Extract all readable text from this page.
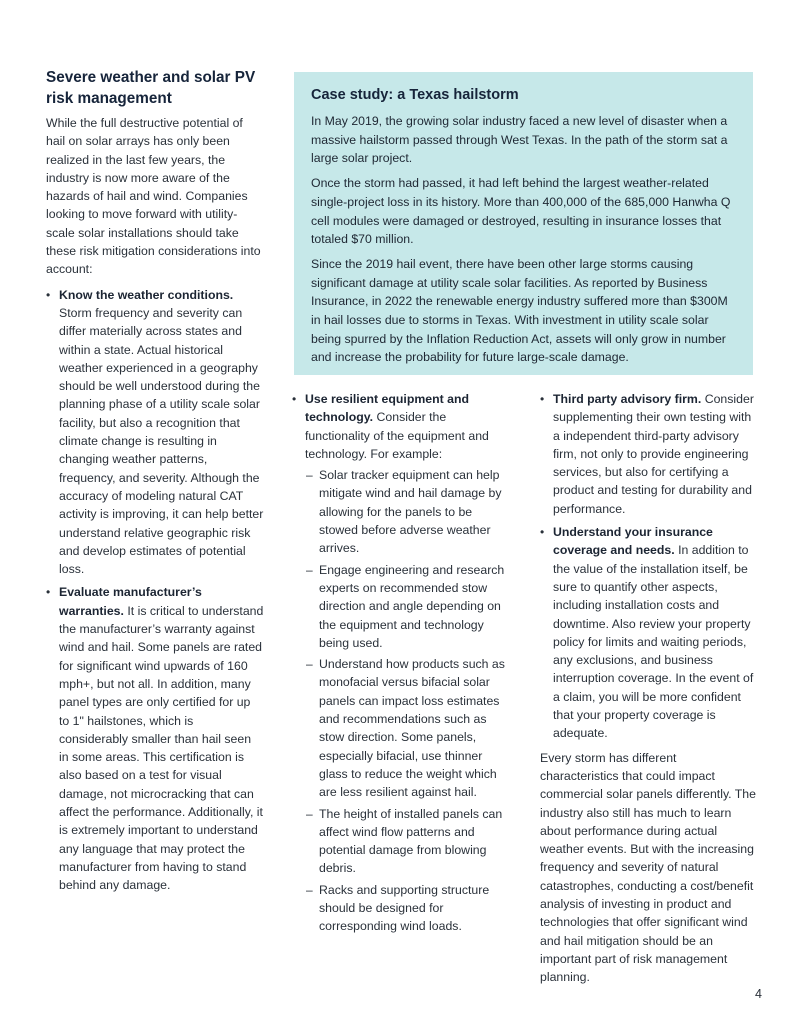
Severe weather and solar PV risk management

While the full destructive potential of hail on solar arrays has only been realized in the last few years, the industry is now more aware of the hazards of hail and wind. Companies looking to move forward with utility-scale solar installations should take these risk mitigation considerations into account:

• Know the weather conditions. Storm frequency and severity can differ materially across states and within a state. Actual historical weather experienced in a geography should be well understood during the planning phase of a utility scale solar facility, but also a recognition that climate change is resulting in changing weather patterns, frequency, and severity. Although the accuracy of modeling natural CAT activity is improving, it can help better understand relative geographic risk and develop estimates of potential loss.
• Evaluate manufacturer’s warranties. It is critical to understand the manufacturer’s warranty against wind and hail. Some panels are rated for significant wind upwards of 160 mph+, but not all. In addition, many panel types are only certified for up to 1" hailstones, which is considerably smaller than hail seen in some areas. This certification is also based on a test for visual damage, not microcracking that can affect the performance. Additionally, it is extremely important to understand any language that may protect the manufacturer from having to stand behind any damage.
Case study: a Texas hailstorm

In May 2019, the growing solar industry faced a new level of disaster when a massive hailstorm passed through West Texas. In the path of the storm sat a large solar project.

Once the storm had passed, it had left behind the largest weather-related single-project loss in its history. More than 400,000 of the 685,000 Hanwha Q cell modules were damaged or destroyed, resulting in insurance losses that totaled $70 million.

Since the 2019 hail event, there have been other large storms causing significant damage at utility scale solar facilities. As reported by Business Insurance, in 2022 the renewable energy industry suffered more than $300M in hail losses due to storms in Texas. With investment in utility scale solar being spurred by the Inflation Reduction Act, assets will only grow in number and increase the probability for future large-scale damage.

• Use resilient equipment and technology. Consider the functionality of the equipment and technology. For example:
– Solar tracker equipment can help mitigate wind and hail damage by allowing for the panels to be stowed before adverse weather arrives.
– Engage engineering and research experts on recommended stow direction and angle depending on the equipment and technology being used.
– Understand how products such as monofacial versus bifacial solar panels can impact loss estimates and recommendations such as stow direction. Some panels, especially bifacial, use thinner glass to reduce the weight which are less resilient against hail.
– The height of installed panels can affect wind flow patterns and potential damage from blowing debris.
– Racks and supporting structure should be designed for corresponding wind loads.
• Third party advisory firm. Consider supplementing their own testing with a independent third-party advisory firm, not only to provide engineering services, but also for certifying a product and testing for durability and performance.
• Understand your insurance coverage and needs. In addition to the value of the installation itself, be sure to quantify other aspects, including installation costs and downtime. Also review your property policy for limits and waiting periods, any exclusions, and business interruption coverage. In the event of a claim, you will be more confident that your property coverage is adequate.

Every storm has different characteristics that could impact commercial solar panels differently. The industry also still has much to learn about performance during actual weather events. But with the increasing frequency and severity of natural catastrophes, conducting a cost/benefit analysis of investing in product and technologies that offer significant wind and hail mitigation should be an important part of risk management planning.

4
